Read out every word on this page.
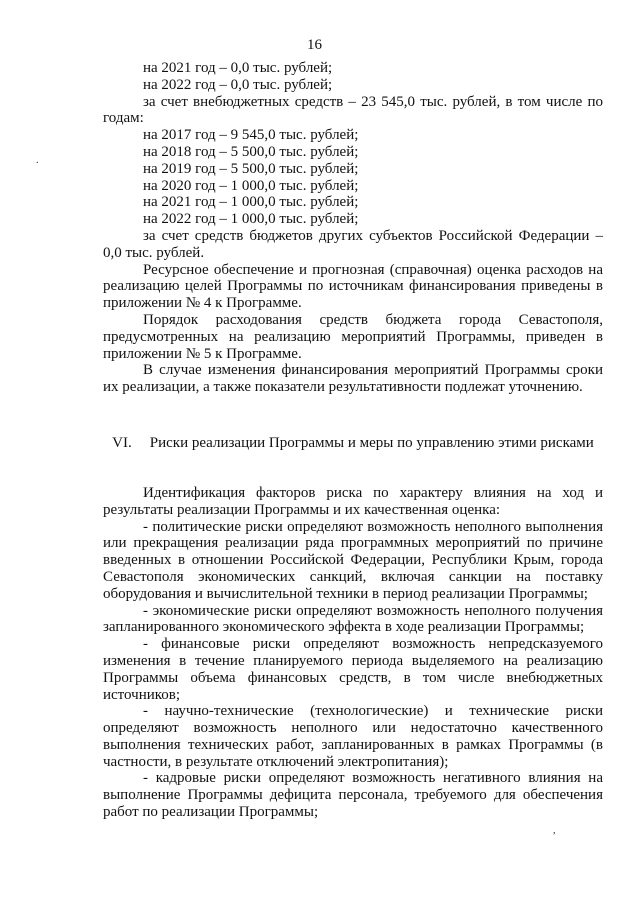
16

на 2021 год – 0,0 тыс. рублей;

на 2022 год – 0,0 тыс. рублей;

за счет внебюджетных средств – 23 545,0 тыс. рублей, в том числе по годам:

на 2017 год – 9 545,0 тыс. рублей;

на 2018 год – 5 500,0 тыс. рублей;

на 2019 год – 5 500,0 тыс. рублей;

на 2020 год – 1 000,0 тыс. рублей;

на 2021 год – 1 000,0 тыс. рублей;

на 2022 год – 1 000,0 тыс. рублей;

за счет средств бюджетов других субъектов Российской Федерации – 0,0 тыс. рублей.

Ресурсное обеспечение и прогнозная (справочная) оценка расходов на реализацию целей Программы по источникам финансирования приведены в приложении № 4 к Программе.

Порядок расходования средств бюджета города Севастополя, предусмотренных на реализацию мероприятий Программы, приведен в приложении № 5 к Программе.

В случае изменения финансирования мероприятий Программы сроки их реализации, а также показатели результативности подлежат уточнению.

VI. Риски реализации Программы и меры по управлению этими рисками

Идентификация факторов риска по характеру влияния на ход и результаты реализации Программы и их качественная оценка:

- политические риски определяют возможность неполного выполнения или прекращения реализации ряда программных мероприятий по причине введенных в отношении Российской Федерации, Республики Крым, города Севастополя экономических санкций, включая санкции на поставку оборудования и вычислительной техники в период реализации Программы;

- экономические риски определяют возможность неполного получения запланированного экономического эффекта в ходе реализации Программы;

- финансовые риски определяют возможность непредсказуемого изменения в течение планируемого периода выделяемого на реализацию Программы объема финансовых средств, в том числе внебюджетных источников;

- научно-технические (технологические) и технические риски определяют возможность неполного или недостаточно качественного выполнения технических работ, запланированных в рамках Программы (в частности, в результате отключений электропитания);

- кадровые риски определяют возможность негативного влияния на выполнение Программы дефицита персонала, требуемого для обеспечения работ по реализации Программы;

.
,
